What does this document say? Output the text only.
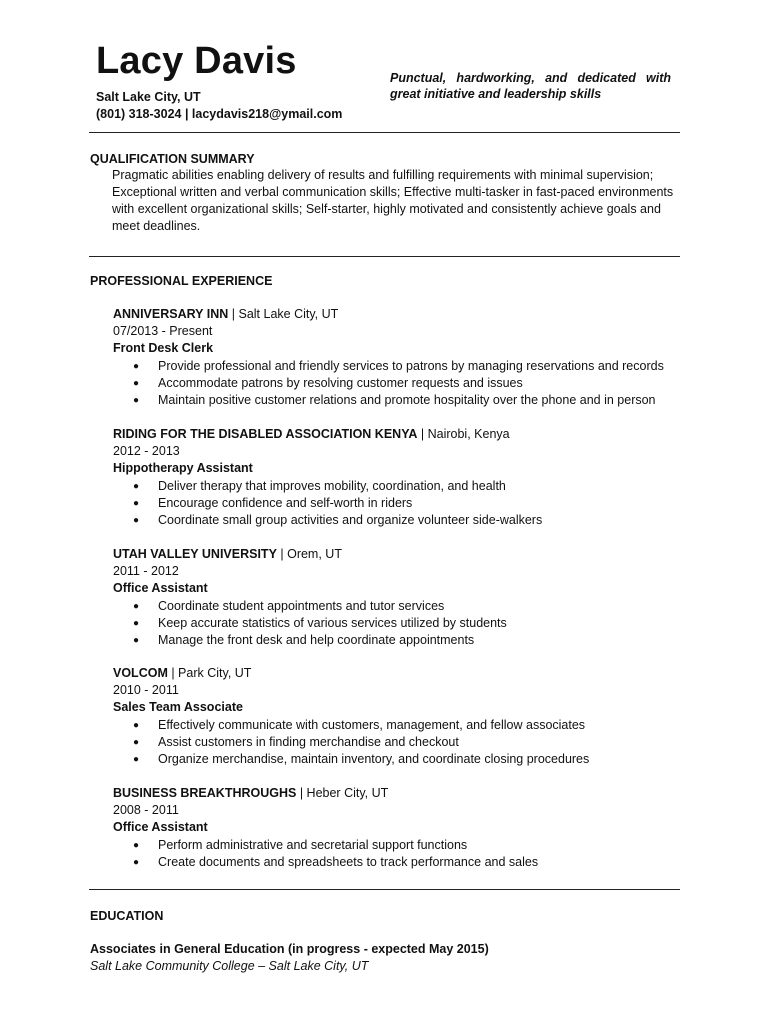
Lacy Davis
Salt Lake City, UT
(801) 318-3024 | lacydavis218@ymail.com
Punctual, hardworking, and dedicated with great initiative and leadership skills
QUALIFICATION SUMMARY
Pragmatic abilities enabling delivery of results and fulfilling requirements with minimal supervision; Exceptional written and verbal communication skills; Effective multi-tasker in fast-paced environments with excellent organizational skills; Self-starter, highly motivated and consistently achieve goals and meet deadlines.
PROFESSIONAL EXPERIENCE
ANNIVERSARY INN | Salt Lake City, UT
07/2013 - Present
Front Desk Clerk
● Provide professional and friendly services to patrons by managing reservations and records
● Accommodate patrons by resolving customer requests and issues
● Maintain positive customer relations and promote hospitality over the phone and in person
RIDING FOR THE DISABLED ASSOCIATION KENYA | Nairobi, Kenya
2012 - 2013
Hippotherapy Assistant
● Deliver therapy that improves mobility, coordination, and health
● Encourage confidence and self-worth in riders
● Coordinate small group activities and organize volunteer side-walkers
UTAH VALLEY UNIVERSITY | Orem, UT
2011 - 2012
Office Assistant
● Coordinate student appointments and tutor services
● Keep accurate statistics of various services utilized by students
● Manage the front desk and help coordinate appointments
VOLCOM | Park City, UT
2010 - 2011
Sales Team Associate
● Effectively communicate with customers, management, and fellow associates
● Assist customers in finding merchandise and checkout
● Organize merchandise, maintain inventory, and coordinate closing procedures
BUSINESS BREAKTHROUGHS | Heber City, UT
2008 - 2011
Office Assistant
● Perform administrative and secretarial support functions
● Create documents and spreadsheets to track performance and sales
EDUCATION
Associates in General Education (in progress - expected May 2015)
Salt Lake Community College – Salt Lake City, UT
